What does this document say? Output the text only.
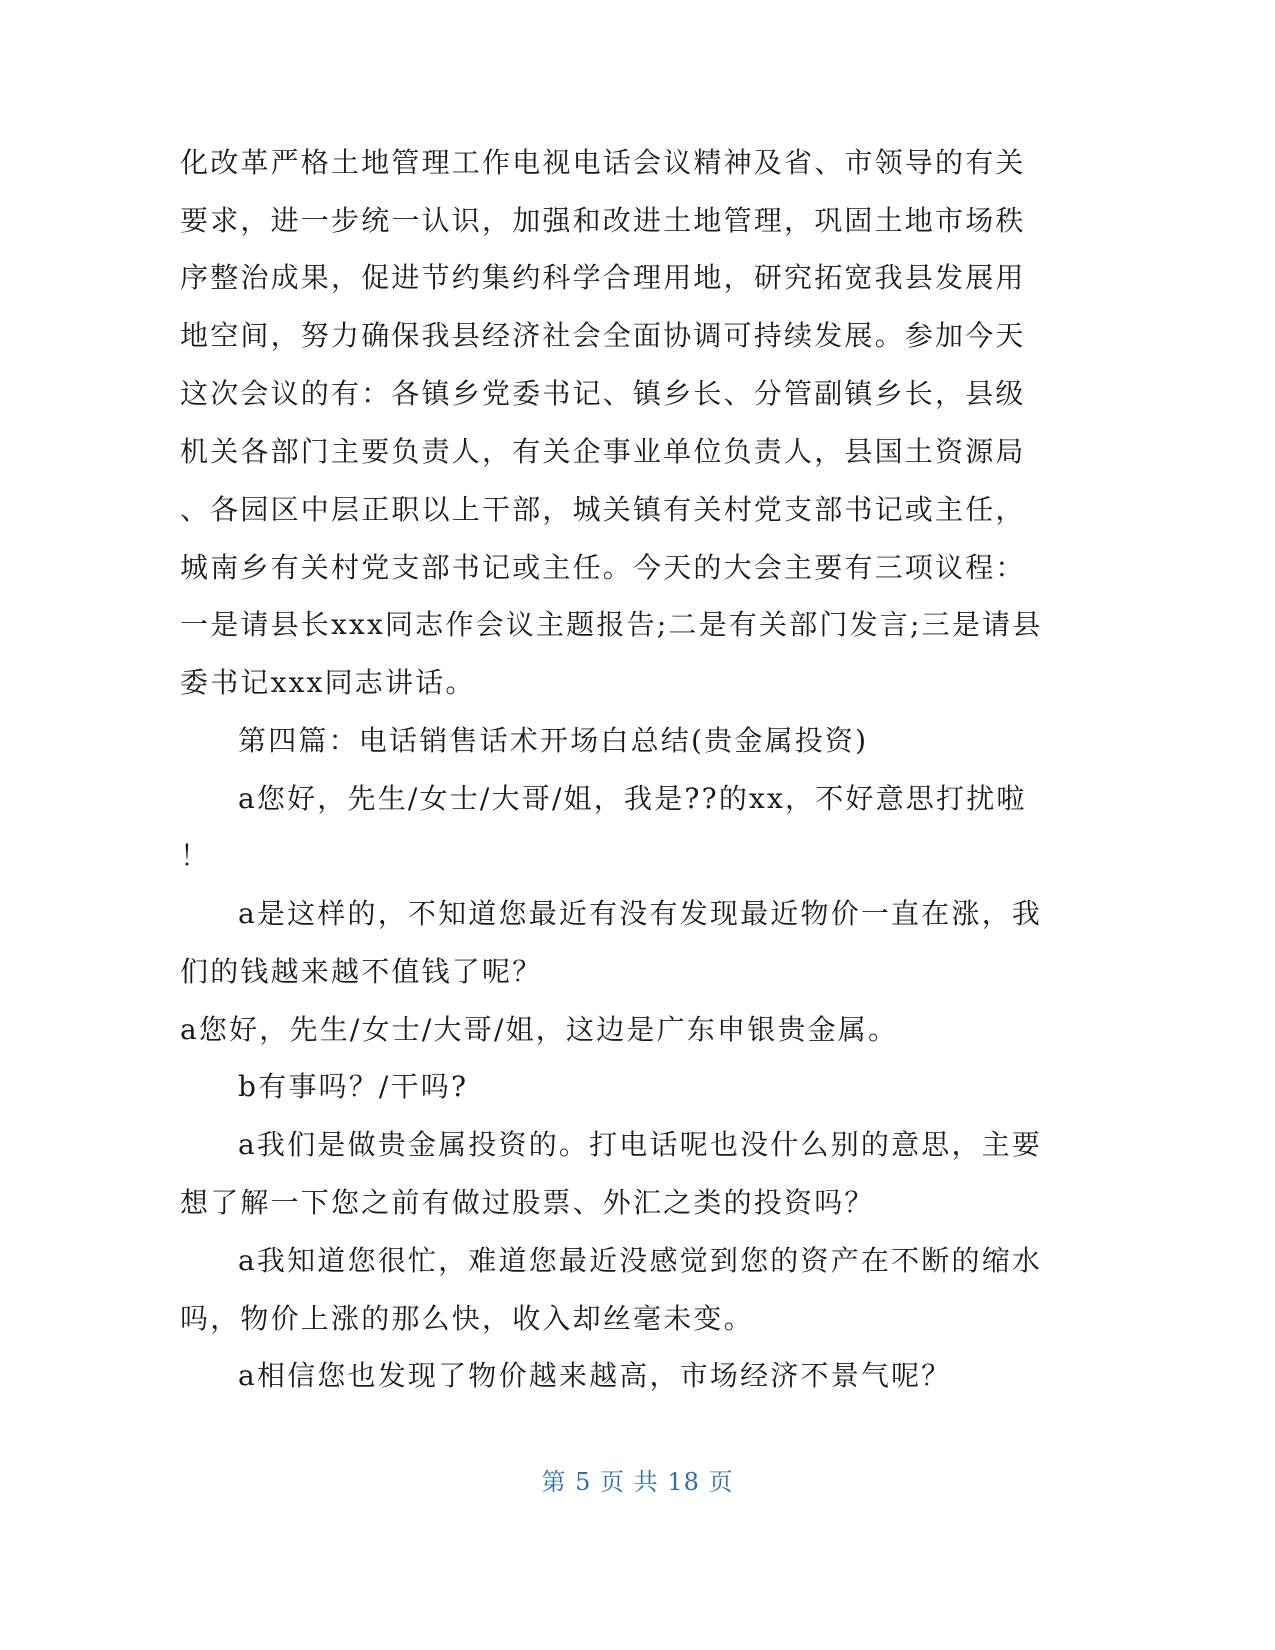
化改革严格土地管理工作电视电话会议精神及省、市领导的有关
要求，进一步统一认识，加强和改进土地管理，巩固土地市场秩
序整治成果，促进节约集约科学合理用地，研究拓宽我县发展用
地空间，努力确保我县经济社会全面协调可持续发展。参加今天
这次会议的有：各镇乡党委书记、镇乡长、分管副镇乡长，县级
机关各部门主要负责人，有关企事业单位负责人，县国土资源局
、各园区中层正职以上干部，城关镇有关村党支部书记或主任，
城南乡有关村党支部书记或主任。今天的大会主要有三项议程：
一是请县长xxx同志作会议主题报告;二是有关部门发言;三是请县
委书记xxx同志讲话。
第四篇：电话销售话术开场白总结(贵金属投资)
a您好，先生/女士/大哥/姐，我是??的xx，不好意思打扰啦
！
a是这样的，不知道您最近有没有发现最近物价一直在涨，我
们的钱越来越不值钱了呢？
a您好，先生/女士/大哥/姐，这边是广东申银贵金属。
b有事吗？/干吗?
a我们是做贵金属投资的。打电话呢也没什么别的意思，主要
想了解一下您之前有做过股票、外汇之类的投资吗？
a我知道您很忙，难道您最近没感觉到您的资产在不断的缩水
吗，物价上涨的那么快，收入却丝毫未变。
a相信您也发现了物价越来越高，市场经济不景气呢？
第 5 页 共 18 页
